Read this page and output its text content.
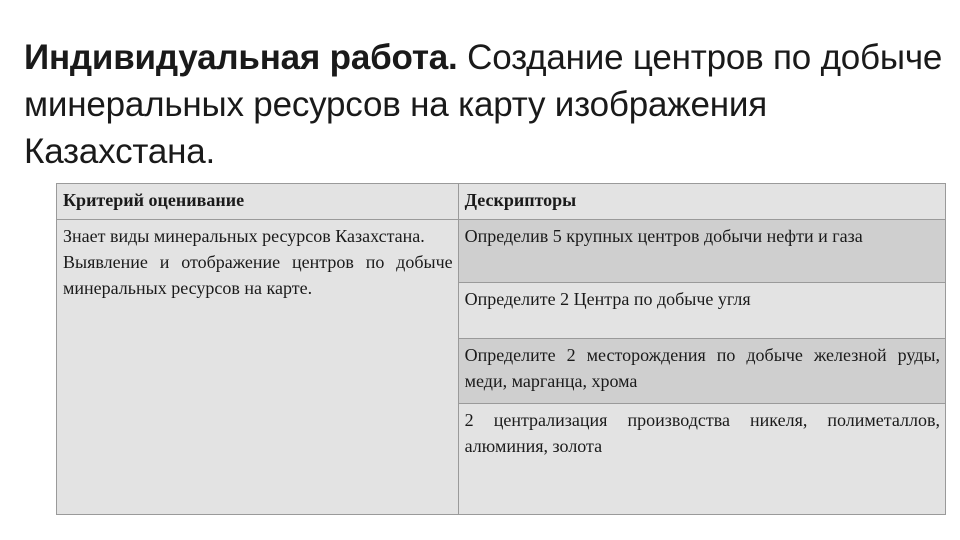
Индивидуальная работа. Создание центров по добыче минеральных ресурсов на карту изображения Казахстана.
Критерий оценивание	Дескрипторы

Знает виды минеральных ресурсов Казахстана.

Выявление и отображение центров по добыче минеральных ресурсов на карте.	Определив 5 крупных центров добычи нефти и газа
	Определите 2 Центра по добыче угля
	Определите 2 месторождения по добыче железной руды, меди, марганца, хрома
	2 централизация производства никеля, полиметаллов, алюминия, золота
